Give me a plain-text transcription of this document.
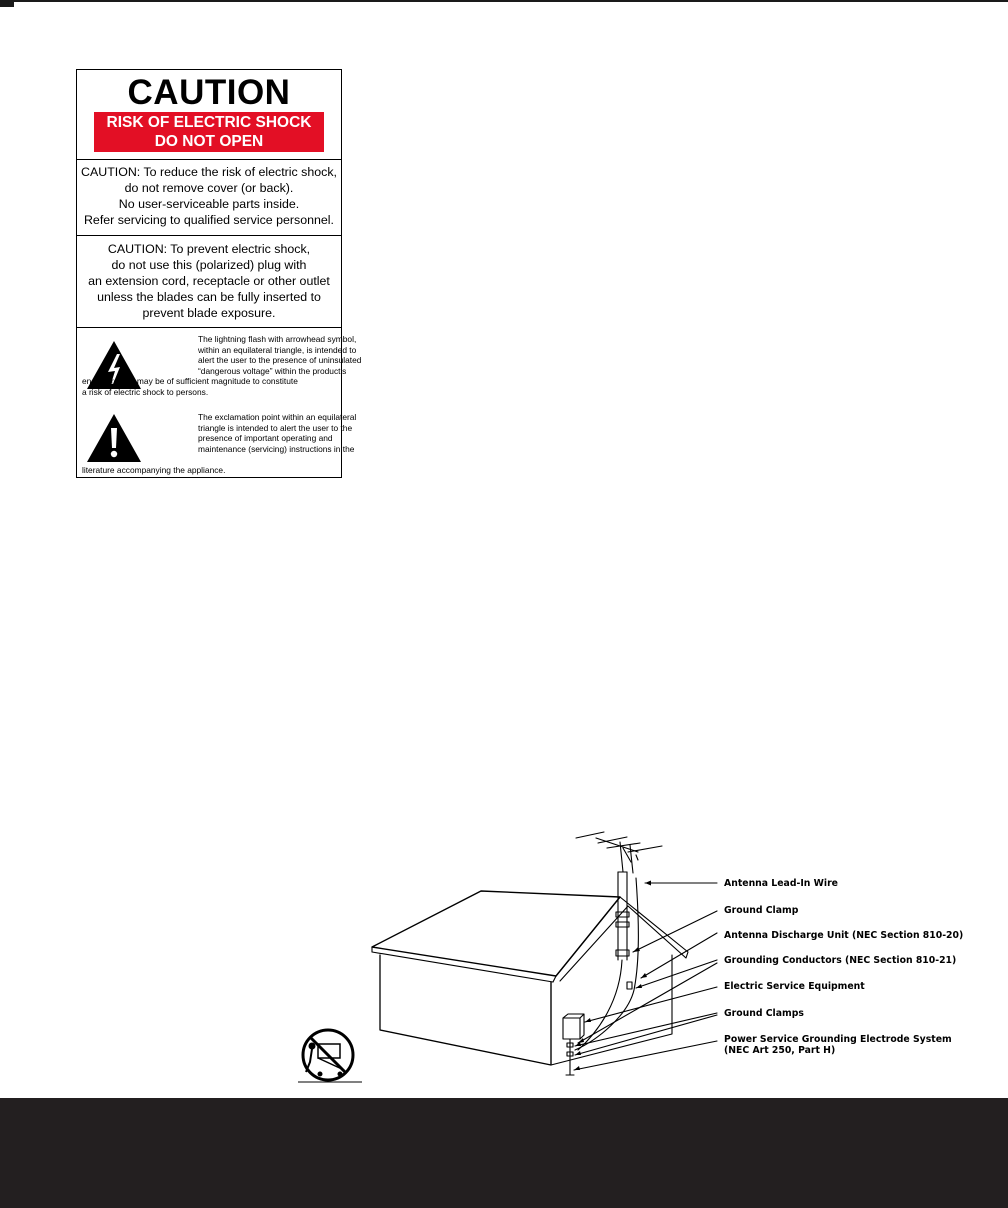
CAUTION
RISK OF ELECTRIC SHOCK
DO NOT OPEN
CAUTION: To reduce the risk of electric shock,
do not remove cover (or back).
No user-serviceable parts inside.
Refer servicing to qualified service personnel.
CAUTION: To prevent electric shock,
do not use this (polarized) plug with
an extension cord, receptacle or other outlet
unless the blades can be fully inserted to
prevent blade exposure.
The lightning flash with arrowhead symbol,
within an equilateral triangle, is intended to
alert the user to the presence of uninsulated
“dangerous voltage” within the product’s
enclosure that may be of sufficient magnitude to constitute
a risk of electric shock to persons.
The exclamation point within an equilateral
triangle is intended to alert the user to the
presence of important operating and
maintenance (servicing) instructions in the
literature accompanying the appliance.
Antenna Lead-In Wire
Ground Clamp
Antenna Discharge Unit (NEC Section 810-20)
Grounding Conductors (NEC Section 810-21)
Electric Service Equipment
Ground Clamps
Power Service Grounding Electrode System
(NEC Art 250, Part H)
